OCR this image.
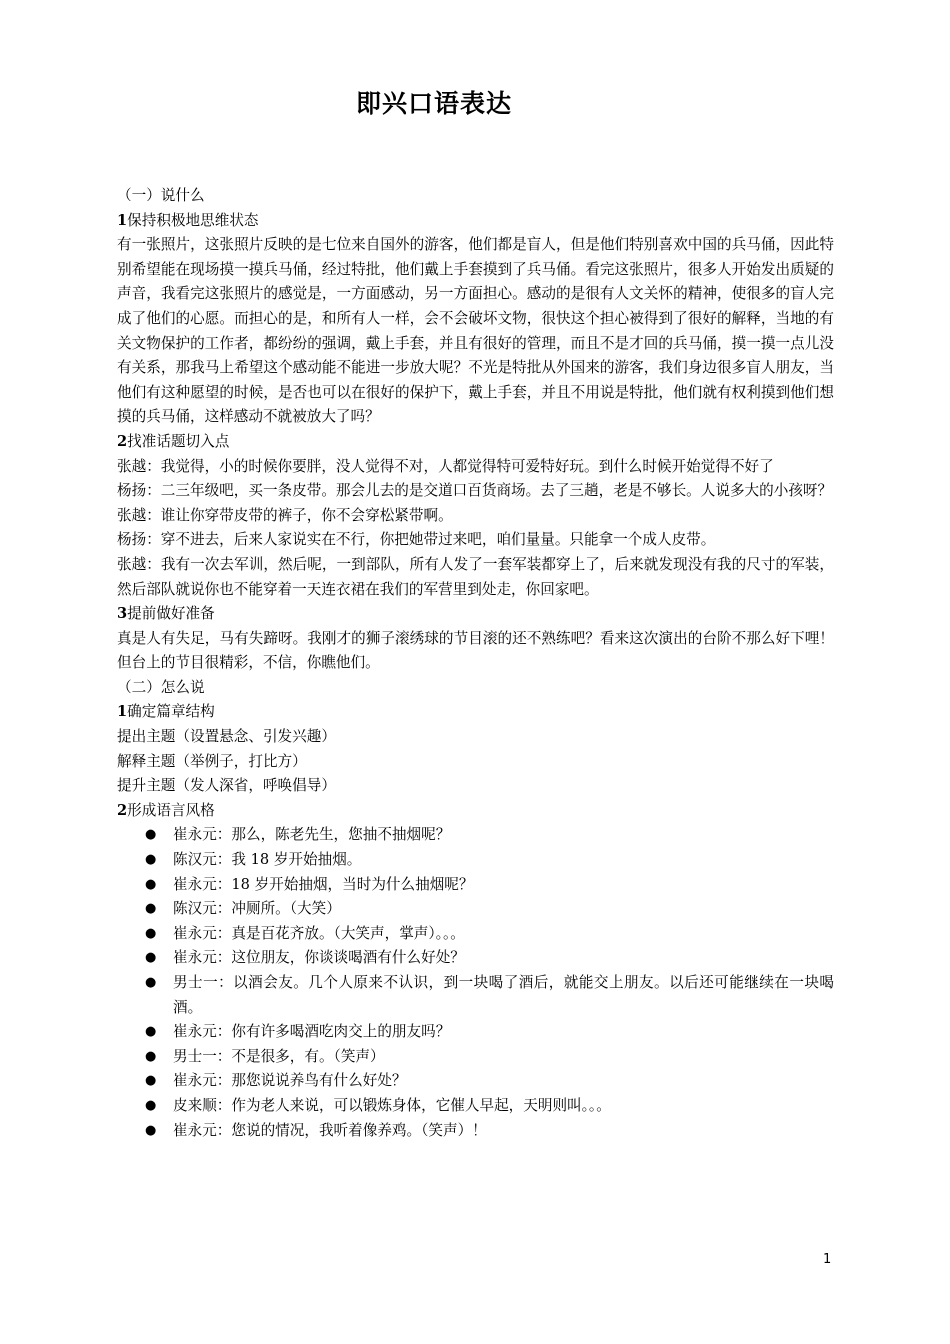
即兴口语表达

（一）说什么

1保持积极地思维状态

有一张照片，这张照片反映的是七位来自国外的游客，他们都是盲人，但是他们特别喜欢中国的兵马俑，因此特别希望能在现场摸一摸兵马俑，经过特批，他们戴上手套摸到了兵马俑。看完这张照片，很多人开始发出质疑的声音，我看完这张照片的感觉是，一方面感动，另一方面担心。感动的是很有人文关怀的精神，使很多的盲人完成了他们的心愿。而担心的是，和所有人一样，会不会破坏文物，很快这个担心被得到了很好的解释，当地的有关文物保护的工作者，都纷纷的强调，戴上手套，并且有很好的管理，而且不是才回的兵马俑，摸一摸一点儿没有关系，那我马上希望这个感动能不能进一步放大呢？不光是特批从外国来的游客，我们身边很多盲人朋友，当他们有这种愿望的时候，是否也可以在很好的保护下，戴上手套，并且不用说是特批，他们就有权利摸到他们想摸的兵马俑，这样感动不就被放大了吗？

2找准话题切入点

张越：我觉得，小的时候你要胖，没人觉得不对，人都觉得特可爱特好玩。到什么时候开始觉得不好了

杨扬：二三年级吧，买一条皮带。那会儿去的是交道口百货商场。去了三趟，老是不够长。人说多大的小孩呀？

张越：谁让你穿带皮带的裤子，你不会穿松紧带啊。

杨扬：穿不进去，后来人家说实在不行，你把她带过来吧，咱们量量。只能拿一个成人皮带。

张越：我有一次去军训，然后呢，一到部队，所有人发了一套军装都穿上了，后来就发现没有我的尺寸的军装，然后部队就说你也不能穿着一天连衣裙在我们的军营里到处走，你回家吧。

3提前做好准备

真是人有失足，马有失蹄呀。我刚才的狮子滚绣球的节目滚的还不熟练吧？看来这次演出的台阶不那么好下哩！但台上的节目很精彩，不信，你瞧他们。

（二）怎么说

1确定篇章结构

提出主题（设置悬念、引发兴趣）

解释主题（举例子，打比方）

提升主题（发人深省，呼唤倡导）

2形成语言风格

● 崔永元：那么，陈老先生，您抽不抽烟呢？
● 陈汉元：我 18 岁开始抽烟。
● 崔永元：18 岁开始抽烟，当时为什么抽烟呢？
● 陈汉元：冲厕所。（大笑）
● 崔永元：真是百花齐放。（大笑声，掌声）。。。
● 崔永元：这位朋友，你谈谈喝酒有什么好处？
● 男士一：以酒会友。几个人原来不认识，到一块喝了酒后，就能交上朋友。以后还可能继续在一块喝酒。
● 崔永元：你有许多喝酒吃肉交上的朋友吗？
● 男士一：不是很多，有。（笑声）
● 崔永元：那您说说养鸟有什么好处？
● 皮来顺：作为老人来说，可以锻炼身体，它催人早起，天明则叫。。。
● 崔永元：您说的情况，我听着像养鸡。（笑声）！
1
